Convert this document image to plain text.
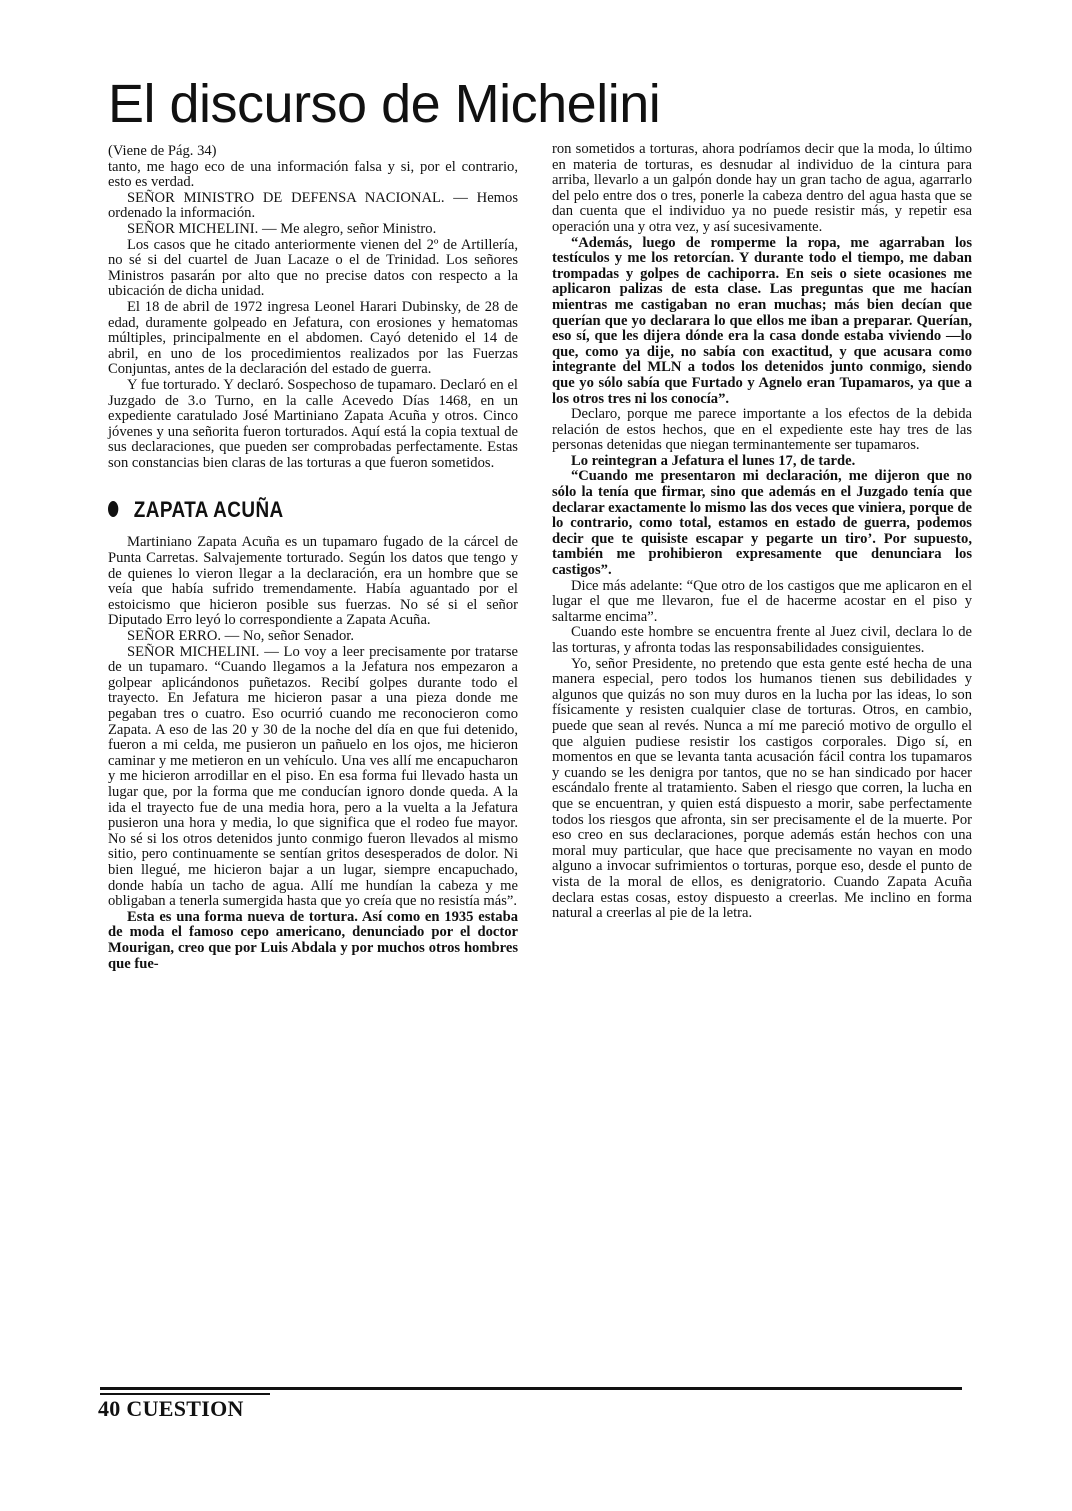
El discurso de Michelini

(Viene de Pág. 34)

tanto, me hago eco de una información falsa y si, por el contrario, esto es verdad.

SEÑOR MINISTRO DE DEFENSA NACIONAL. — Hemos ordenado la información.

SEÑOR MICHELINI. — Me alegro, señor Ministro.

Los casos que he citado anteriormente vienen del 2º de Artillería, no sé si del cuartel de Juan Lacaze o el de Trinidad. Los señores Ministros pasarán por alto que no precise datos con respecto a la ubicación de dicha unidad.

El 18 de abril de 1972 ingresa Leonel Harari Dubinsky, de 28 de edad, duramente golpeado en Jefatura, con erosiones y hematomas múltiples, principalmente en el abdomen. Cayó detenido el 14 de abril, en uno de los procedimientos realizados por las Fuerzas Conjuntas, antes de la declaración del estado de guerra.

Y fue torturado. Y declaró. Sospechoso de tupamaro. Declaró en el Juzgado de 3.o Turno, en la calle Acevedo Días 1468, en un expediente caratulado José Martiniano Zapata Acuña y otros. Cinco jóvenes y una señorita fueron torturados. Aquí está la copia textual de sus declaraciones, que pueden ser comprobadas perfectamente. Estas son constancias bien claras de las torturas a que fueron sometidos.

ZAPATA ACUÑA

Martiniano Zapata Acuña es un tupamaro fugado de la cárcel de Punta Carretas. Salvajemente torturado. Según los datos que tengo y de quienes lo vieron llegar a la declaración, era un hombre que se veía que había sufrido tremendamente. Había aguantado por el estoicismo que hicieron posible sus fuerzas. No sé si el señor Diputado Erro leyó lo correspondiente a Zapata Acuña.

SEÑOR ERRO. — No, señor Senador.

SEÑOR MICHELINI. — Lo voy a leer precisamente por tratarse de un tupamaro. “Cuando llegamos a la Jefatura nos empezaron a golpear aplicándonos puñetazos. Recibí golpes durante todo el trayecto. En Jefatura me hicieron pasar a una pieza donde me pegaban tres o cuatro. Eso ocurrió cuando me reconocieron como Zapata. A eso de las 20 y 30 de la noche del día en que fui detenido, fueron a mi celda, me pusieron un pañuelo en los ojos, me hicieron caminar y me metieron en un vehículo. Una ves allí me encapucharon y me hicieron arrodillar en el piso. En esa forma fui llevado hasta un lugar que, por la forma que me conducían ignoro donde queda. A la ida el trayecto fue de una media hora, pero a la vuelta a la Jefatura pusieron una hora y media, lo que significa que el rodeo fue mayor. No sé si los otros detenidos junto conmigo fueron llevados al mismo sitio, pero continuamente se sentían gritos desesperados de dolor. Ni bien llegué, me hicieron bajar a un lugar, siempre encapuchado, donde había un tacho de agua. Allí me hundían la cabeza y me obligaban a tenerla sumergida hasta que yo creía que no resistía más”.

Esta es una forma nueva de tortura. Así como en 1935 estaba de moda el famoso cepo americano, denunciado por el doctor Mourigan, creo que por Luis Abdala y por muchos otros hombres que fue-

ron sometidos a torturas, ahora podríamos decir que la moda, lo último en materia de torturas, es desnudar al individuo de la cintura para arriba, llevarlo a un galpón donde hay un gran tacho de agua, agarrarlo del pelo entre dos o tres, ponerle la cabeza dentro del agua hasta que se dan cuenta que el individuo ya no puede resistir más, y repetir esa operación una y otra vez, y así sucesivamente.

“Además, luego de romperme la ropa, me agarraban los testículos y me los retorcían. Y durante todo el tiempo, me daban trompadas y golpes de cachiporra. En seis o siete ocasiones me aplicaron palizas de esta clase. Las preguntas que me hacían mientras me castigaban no eran muchas; más bien decían que querían que yo declarara lo que ellos me iban a preparar. Querían, eso sí, que les dijera dónde era la casa donde estaba viviendo —lo que, como ya dije, no sabía con exactitud, y que acusara como integrante del MLN a todos los detenidos junto conmigo, siendo que yo sólo sabía que Furtado y Agnelo eran Tupamaros, ya que a los otros tres ni los conocía”.

Declaro, porque me parece importante a los efectos de la debida relación de estos hechos, que en el expediente este hay tres de las personas detenidas que niegan terminantemente ser tupamaros.

Lo reintegran a Jefatura el lunes 17, de tarde.

“Cuando me presentaron mi declaración, me dijeron que no sólo la tenía que firmar, sino que además en el Juzgado tenía que declarar exactamente lo mismo las dos veces que viniera, porque de lo contrario, como total, estamos en estado de guerra, podemos decir que te quisiste escapar y pegarte un tiro’. Por supuesto, también me prohibieron expresamente que denunciara los castigos”.

Dice más adelante: “Que otro de los castigos que me aplicaron en el lugar el que me llevaron, fue el de hacerme acostar en el piso y saltarme encima”.

Cuando este hombre se encuentra frente al Juez civil, declara lo de las torturas, y afronta todas las responsabilidades consiguientes.

Yo, señor Presidente, no pretendo que esta gente esté hecha de una manera especial, pero todos los humanos tienen sus debilidades y algunos que quizás no son muy duros en la lucha por las ideas, lo son físicamente y resisten cualquier clase de torturas. Otros, en cambio, puede que sean al revés. Nunca a mí me pareció motivo de orgullo el que alguien pudiese resistir los castigos corporales. Digo sí, en momentos en que se levanta tanta acusación fácil contra los tupamaros y cuando se les denigra por tantos, que no se han sindicado por hacer escándalo frente al tratamiento. Saben el riesgo que corren, la lucha en que se encuentran, y quien está dispuesto a morir, sabe perfectamente todos los riesgos que afronta, sin ser precisamente el de la muerte. Por eso creo en sus declaraciones, porque además están hechos con una moral muy particular, que hace que precisamente no vayan en modo alguno a invocar sufrimientos o torturas, porque eso, desde el punto de vista de la moral de ellos, es denigratorio. Cuando Zapata Acuña declara estas cosas, estoy dispuesto a creerlas. Me inclino en forma natural a creerlas al pie de la letra.

40 CUESTION
